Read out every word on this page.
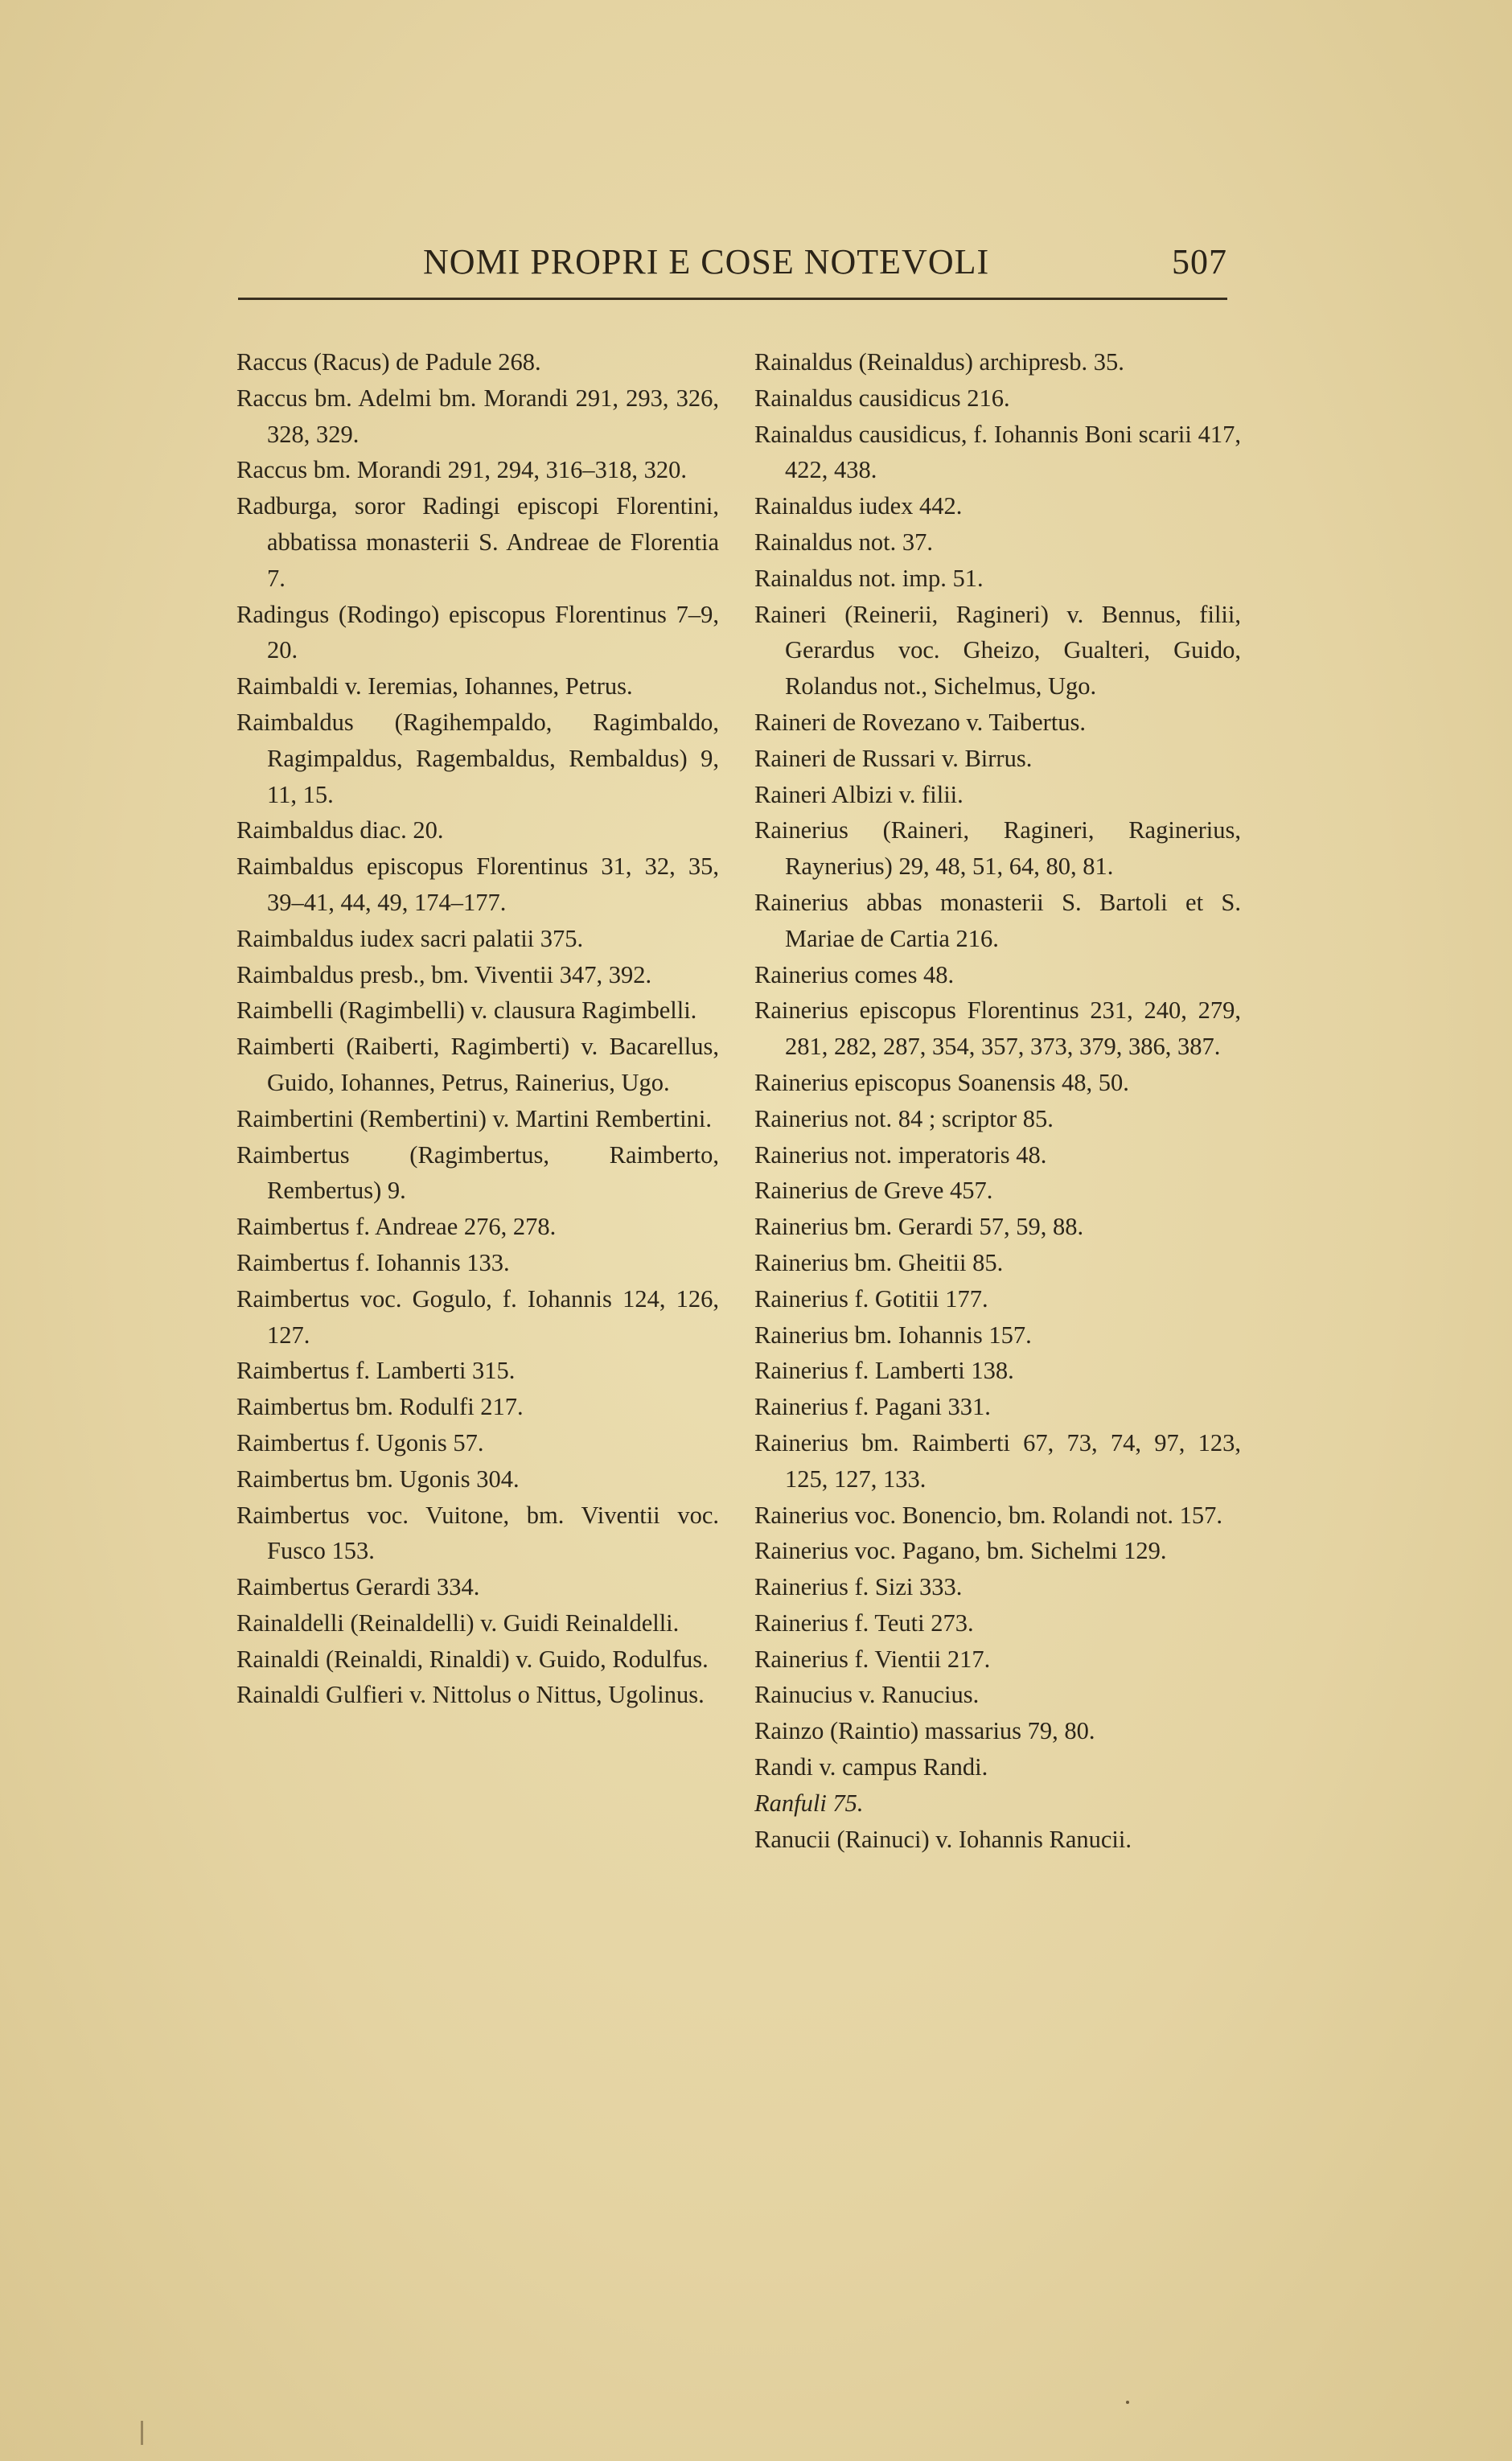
NOMI PROPRI E COSE NOTEVOLI	507
Raccus (Racus) de Padule 268.
Raccus bm. Adelmi bm. Morandi 291, 293, 326, 328, 329.
Raccus bm. Morandi 291, 294, 316–318, 320.
Radburga, soror Radingi episcopi Florentini, abbatissa monasterii S. Andreae de Florentia 7.
Radingus (Rodingo) episcopus Florentinus 7–9, 20.
Raimbaldi v. Ieremias, Iohannes, Petrus.
Raimbaldus (Ragihempaldo, Ragimbaldo, Ragimpaldus, Ragembaldus, Rembaldus) 9, 11, 15.
Raimbaldus diac. 20.
Raimbaldus episcopus Florentinus 31, 32, 35, 39–41, 44, 49, 174–177.
Raimbaldus iudex sacri palatii 375.
Raimbaldus presb., bm. Viventii 347, 392.
Raimbelli (Ragimbelli) v. clausura Ragimbelli.
Raimberti (Raiberti, Ragimberti) v. Bacarellus, Guido, Iohannes, Petrus, Rainerius, Ugo.
Raimbertini (Rembertini) v. Martini Rembertini.
Raimbertus (Ragimbertus, Raimberto, Rembertus) 9.
Raimbertus f. Andreae 276, 278.
Raimbertus f. Iohannis 133.
Raimbertus voc. Gogulo, f. Iohannis 124, 126, 127.
Raimbertus f. Lamberti 315.
Raimbertus bm. Rodulfi 217.
Raimbertus f. Ugonis 57.
Raimbertus bm. Ugonis 304.
Raimbertus voc. Vuitone, bm. Viventii voc. Fusco 153.
Raimbertus Gerardi 334.
Rainaldelli (Reinaldelli) v. Guidi Reinaldelli.
Rainaldi (Reinaldi, Rinaldi) v. Guido, Rodulfus.
Rainaldi Gulfieri v. Nittolus o Nittus, Ugolinus.
Rainaldus (Reinaldus) archipresb. 35.
Rainaldus causidicus 216.
Rainaldus causidicus, f. Iohannis Boni scarii 417, 422, 438.
Rainaldus iudex 442.
Rainaldus not. 37.
Rainaldus not. imp. 51.
Raineri (Reinerii, Ragineri) v. Bennus, filii, Gerardus voc. Gheizo, Gualteri, Guido, Rolandus not., Sichelmus, Ugo.
Raineri de Rovezano v. Taibertus.
Raineri de Russari v. Birrus.
Raineri Albizi v. filii.
Rainerius (Raineri, Ragineri, Raginerius, Raynerius) 29, 48, 51, 64, 80, 81.
Rainerius abbas monasterii S. Bartoli et S. Mariae de Cartia 216.
Rainerius comes 48.
Rainerius episcopus Florentinus 231, 240, 279, 281, 282, 287, 354, 357, 373, 379, 386, 387.
Rainerius episcopus Soanensis 48, 50.
Rainerius not. 84 ; scriptor 85.
Rainerius not. imperatoris 48.
Rainerius de Greve 457.
Rainerius bm. Gerardi 57, 59, 88.
Rainerius bm. Gheitii 85.
Rainerius f. Gotitii 177.
Rainerius bm. Iohannis 157.
Rainerius f. Lamberti 138.
Rainerius f. Pagani 331.
Rainerius bm. Raimberti 67, 73, 74, 97, 123, 125, 127, 133.
Rainerius voc. Bonencio, bm. Rolandi not. 157.
Rainerius voc. Pagano, bm. Sichelmi 129.
Rainerius f. Sizi 333.
Rainerius f. Teuti 273.
Rainerius f. Vientii 217.
Rainucius v. Ranucius.
Rainzo (Raintio) massarius 79, 80.
Randi v. campus Randi.
Ranfuli 75.
Ranucii (Rainuci) v. Iohannis Ranucii.
